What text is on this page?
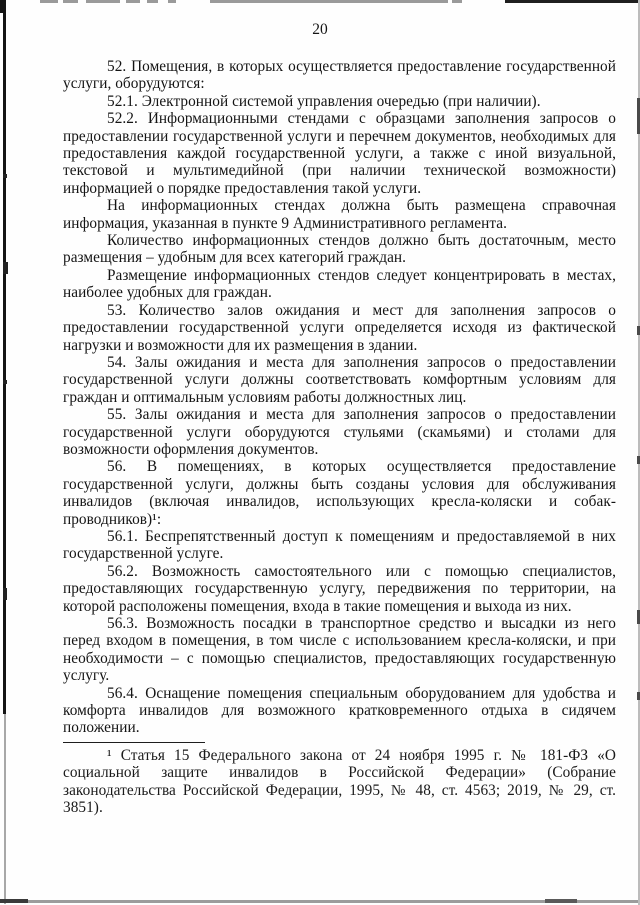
20

52. Помещения, в которых осуществляется предоставление государственной услуги, оборудуются:

52.1. Электронной системой управления очередью (при наличии).

52.2. Информационными стендами с образцами заполнения запросов о предоставлении государственной услуги и перечнем документов, необходимых для предоставления каждой государственной услуги, а также с иной визуальной, текстовой и мультимедийной (при наличии технической возможности) информацией о порядке предоставления такой услуги.

На информационных стендах должна быть размещена справочная информация, указанная в пункте 9 Административного регламента.

Количество информационных стендов должно быть достаточным, место размещения – удобным для всех категорий граждан.

Размещение информационных стендов следует концентрировать в местах, наиболее удобных для граждан.

53. Количество залов ожидания и мест для заполнения запросов о предоставлении государственной услуги определяется исходя из фактической нагрузки и возможности для их размещения в здании.

54. Залы ожидания и места для заполнения запросов о предоставлении государственной услуги должны соответствовать комфортным условиям для граждан и оптимальным условиям работы должностных лиц.

55. Залы ожидания и места для заполнения запросов о предоставлении государственной услуги оборудуются стульями (скамьями) и столами для возможности оформления документов.

56. В помещениях, в которых осуществляется предоставление государственной услуги, должны быть созданы условия для обслуживания инвалидов (включая инвалидов, использующих кресла-коляски и собак-проводников)¹:

56.1. Беспрепятственный доступ к помещениям и предоставляемой в них государственной услуге.

56.2. Возможность самостоятельного или с помощью специалистов, предоставляющих государственную услугу, передвижения по территории, на которой расположены помещения, входа в такие помещения и выхода из них.

56.3. Возможность посадки в транспортное средство и высадки из него перед входом в помещения, в том числе с использованием кресла-коляски, и при необходимости – с помощью специалистов, предоставляющих государственную услугу.

56.4. Оснащение помещения специальным оборудованием для удобства и комфорта инвалидов для возможного кратковременного отдыха в сидячем положении.

¹ Статья 15 Федерального закона от 24 ноября 1995 г. № 181-ФЗ «О социальной защите инвалидов в Российской Федерации» (Собрание законодательства Российской Федерации, 1995, № 48, ст. 4563; 2019, № 29, ст. 3851).
